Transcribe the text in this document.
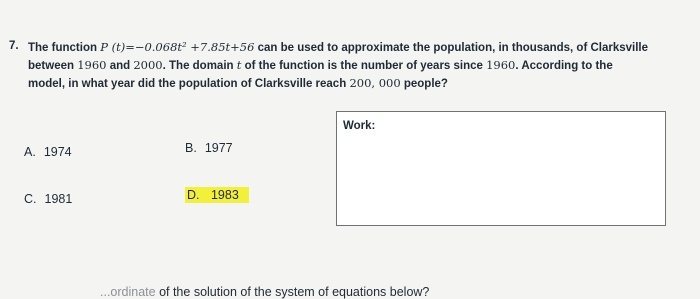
7. The function P (t)=−0.068t² +7.85t+56 can be used to approximate the population, in thousands, of Clarksville
between 1960 and 2000. The domain t of the function is the number of years since 1960. According to the
model, in what year did the population of Clarksville reach 200, 000 people?
A. 1974	B. 1977
C. 1981	D. 1983
Work:
...ordinate of the solution of the system of equations below?
